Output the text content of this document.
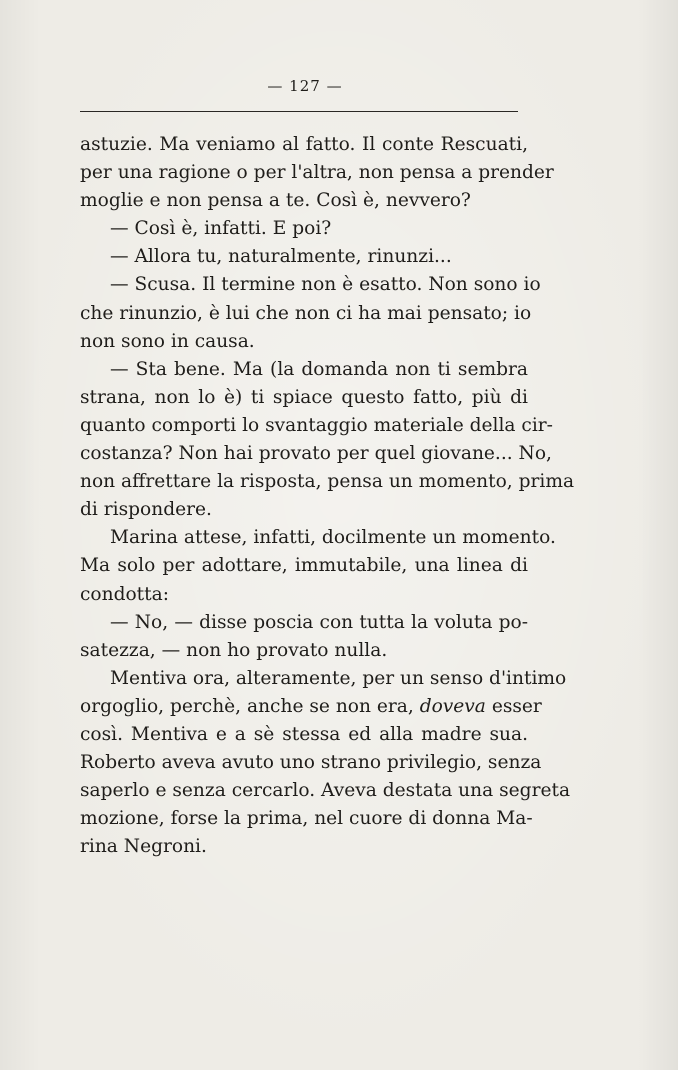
— 127 —
astuzie. Ma veniamo al fatto. Il conte Rescuati,
per una ragione o per l'altra, non pensa a prender
moglie e non pensa a te. Così è, nevvero?
— Così è, infatti. E poi?
— Allora tu, naturalmente, rinunzi...
— Scusa. Il termine non è esatto. Non sono io
che rinunzio, è lui che non ci ha mai pensato; io
non sono in causa.
— Sta bene. Ma (la domanda non ti sembra
strana, non lo è) ti spiace questo fatto, più di
quanto comporti lo svantaggio materiale della cir-
costanza? Non hai provato per quel giovane... No,
non affrettare la risposta, pensa un momento, prima
di rispondere.
Marina attese, infatti, docilmente un momento.
Ma solo per adottare, immutabile, una linea di
condotta:
— No, — disse poscia con tutta la voluta po-
satezza, — non ho provato nulla.
Mentiva ora, alteramente, per un senso d'intimo
orgoglio, perchè, anche se non era, doveva esser
così. Mentiva e a sè stessa ed alla madre sua.
Roberto aveva avuto uno strano privilegio, senza
saperlo e senza cercarlo. Aveva destata una segreta
mozione, forse la prima, nel cuore di donna Ma-
rina Negroni.
